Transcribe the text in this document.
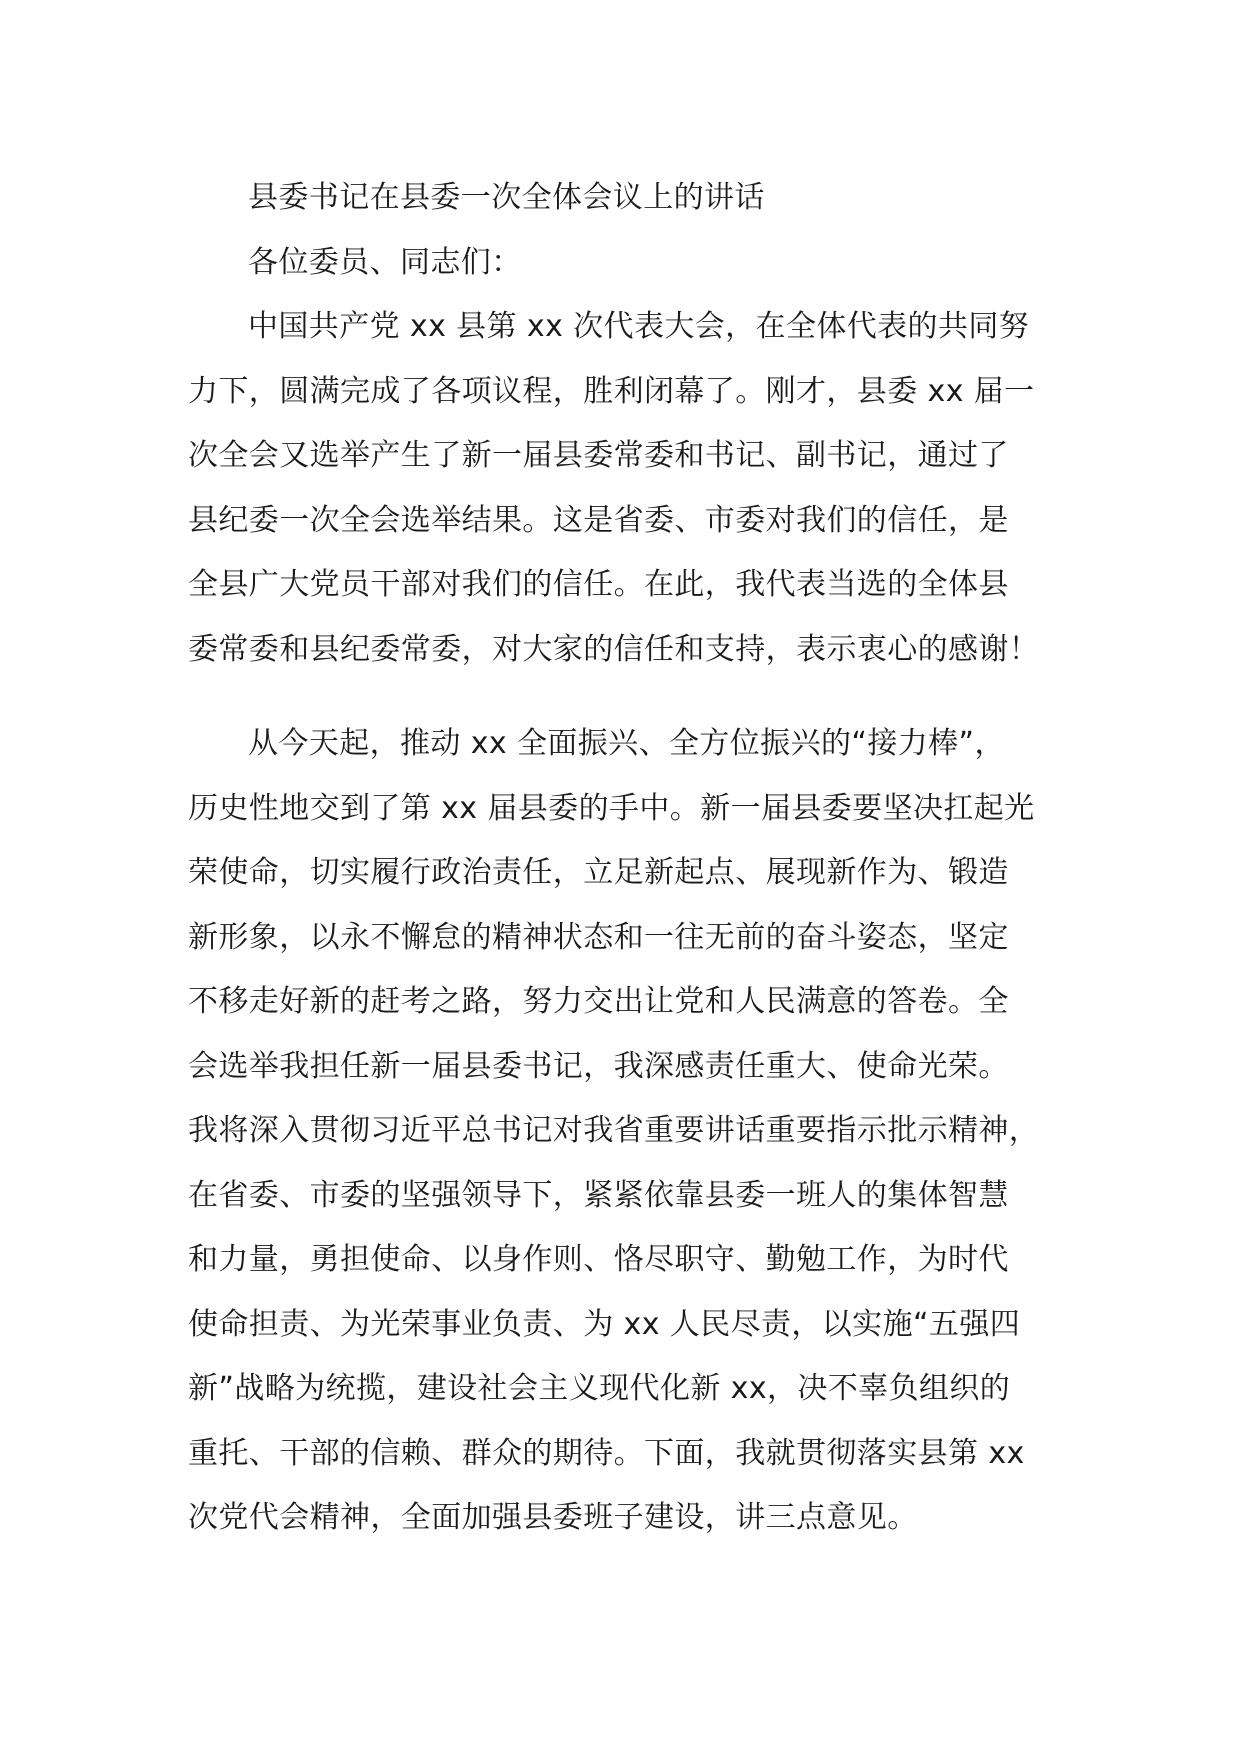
县委书记在县委一次全体会议上的讲话

各位委员、同志们：

中国共产党 xx 县第 xx 次代表大会，在全体代表的共同努

力下，圆满完成了各项议程，胜利闭幕了。刚才，县委 xx 届一

次全会又选举产生了新一届县委常委和书记、副书记，通过了

县纪委一次全会选举结果。这是省委、市委对我们的信任，是

全县广大党员干部对我们的信任。在此，我代表当选的全体县

委常委和县纪委常委，对大家的信任和支持，表示衷心的感谢！

从今天起，推动 xx 全面振兴、全方位振兴的“接力棒”，

历史性地交到了第 xx 届县委的手中。新一届县委要坚决扛起光

荣使命，切实履行政治责任，立足新起点、展现新作为、锻造

新形象，以永不懈怠的精神状态和一往无前的奋斗姿态，坚定

不移走好新的赶考之路，努力交出让党和人民满意的答卷。全

会选举我担任新一届县委书记，我深感责任重大、使命光荣。

我将深入贯彻习近平总书记对我省重要讲话重要指示批示精神，

在省委、市委的坚强领导下，紧紧依靠县委一班人的集体智慧

和力量，勇担使命、以身作则、恪尽职守、勤勉工作，为时代

使命担责、为光荣事业负责、为 xx 人民尽责，以实施“五强四

新”战略为统揽，建设社会主义现代化新 xx，决不辜负组织的

重托、干部的信赖、群众的期待。下面，我就贯彻落实县第 xx

次党代会精神，全面加强县委班子建设，讲三点意见。
